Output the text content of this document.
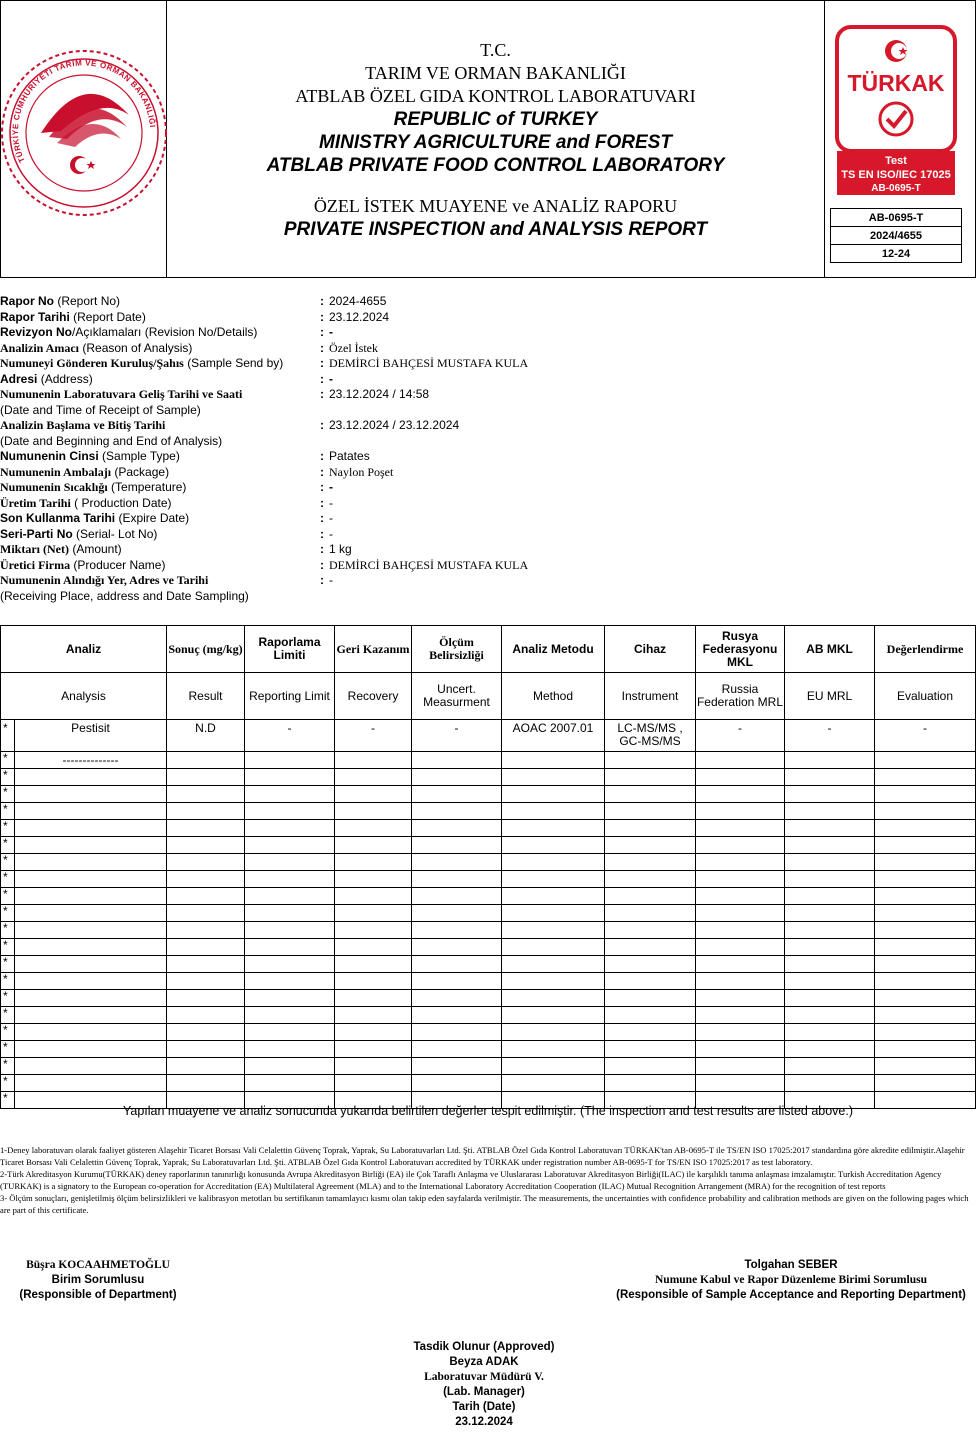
TÜRKİYE CUMHURİYETİ TARIM VE ORMAN BAKANLIĞI
T.C.
TARIM VE ORMAN BAKANLIĞI
ATBLAB ÖZEL GIDA KONTROL LABORATUVARI
REPUBLIC of TURKEY
MINISTRY AGRICULTURE and FOREST
ATBLAB PRIVATE FOOD CONTROL LABORATORY
ÖZEL İSTEK MUAYENE ve ANALİZ RAPORU
PRIVATE INSPECTION and ANALYSIS REPORT
TÜRKAK
Test
TS EN ISO/IEC 17025
AB-0695-T
AB-0695-T
2024/4655
12-24
Rapor No (Report No)	: 2024-4655
Rapor Tarihi (Report Date)	: 23.12.2024
Revizyon No/Açıklamaları (Revision No/Details)	: -
Analizin Amacı (Reason of Analysis)	: Özel İstek
Numuneyi Gönderen Kuruluş/Şahıs (Sample Send by)	: DEMİRCİ BAHÇESİ MUSTAFA KULA
Adresi (Address)	: -
Numunenin Laboratuvara Geliş Tarihi ve Saati
(Date and Time of Receipt of Sample)
: 23.12.2024 / 14:58
Analizin Başlama ve Bitiş Tarihi
(Date and Beginning and End of Analysis)
: 23.12.2024 / 23.12.2024
Numunenin Cinsi (Sample Type)	: Patates
Numunenin Ambalajı (Package)	: Naylon Poşet
Numunenin Sıcaklığı (Temperature)	: -
Üretim Tarihi ( Production Date)	: -
Son Kullanma Tarihi (Expire Date)	: -
Seri-Parti No (Serial- Lot No)	: -
Miktarı (Net) (Amount)	: 1 kg
Üretici Firma (Producer Name)	: DEMİRCİ BAHÇESİ MUSTAFA KULA
Numunenin Alındığı Yer, Adres ve Tarihi
(Receiving Place, address and Date Sampling)
: -
Analiz		Sonuç (mg/kg)	Raporlama Limiti	Geri Kazanım	Ölçüm Belirsizliği	Analiz Metodu	Cihaz	Rusya Federasyonu MKL	AB MKL	Değerlendirme
Analysis		Result	Reporting Limit	Recovery	Uncert. Measurment	Method	Instrument	Russia Federation MRL	EU MRL	Evaluation
*	Pestisit	N.D	-	-	-	AOAC 2007.01	LC-MS/MS , GC-MS/MS	-	-	-
*	--------------									
*										
*										
*										
*										
*										
*										
*										
*										
*										
*										
*										
*										
*										
*										
*										
*										
*										
*										
*										
*										
Yapılan muayene ve analiz sonucunda yukarıda belirtilen değerler tespit edilmiştir. (The inspection and test results are listed above.)
1-Deney laboratuvarı olarak faaliyet gösteren Alaşehir Ticaret Borsası Vali Celalettin Güvenç Toprak, Yaprak, Su Laboratuvarları Ltd. Şti. ATBLAB Özel Gıda Kontrol Laboratuvarı TÜRKAK'tan AB-0695-T ile TS/EN ISO 17025:2017 standardına göre akredite edilmiştir.Alaşehir Ticaret Borsası Vali Celalettin Güvenç Toprak, Yaprak, Su Laboratuvarları Ltd. Şti. ATBLAB Özel Gıda Kontrol Laboratuvarı accredited by TÜRKAK under registration number AB-0695-T for TS/EN ISO 17025:2017 as test laboratory.
2-Türk Akreditasyon Kurumu(TÜRKAK) deney raporlarının tanınırlığı konusunda Avrupa Akreditasyon Birliği (EA) ile Çok Taraflı Anlaşma ve Uluslararası Laboratuvar Akreditasyon Birliği(ILAC) ile karşılıklı tanıma anlaşması imzalamıştır. Turkish Accreditation Agency (TURKAK) is a signatory to the European co-operation for Accreditation (EA) Multilateral Agreement (MLA) and to the International Laboratory Accreditation Cooperation (ILAC) Mutual Recognition Arrangement (MRA) for the recognition of test reports
3- Ölçüm sonuçları, genişletilmiş ölçüm belirsizlikleri ve kalibrasyon metotları bu sertifikanın tamamlayıcı kısmı olan takip eden sayfalarda verilmiştir. The measurements, the uncertainties with confidence probability and calibration methods are given on the following pages which are part of this certificate.
Büşra KOCAAHMETOĞLU
Birim Sorumlusu
(Responsible of Department)
Tolgahan SEBER
Numune Kabul ve Rapor Düzenleme Birimi Sorumlusu
(Responsible of Sample Acceptance and Reporting Department)
Tasdik Olunur (Approved)
Beyza ADAK
Laboratuvar Müdürü V.
(Lab. Manager)
Tarih (Date)
23.12.2024
